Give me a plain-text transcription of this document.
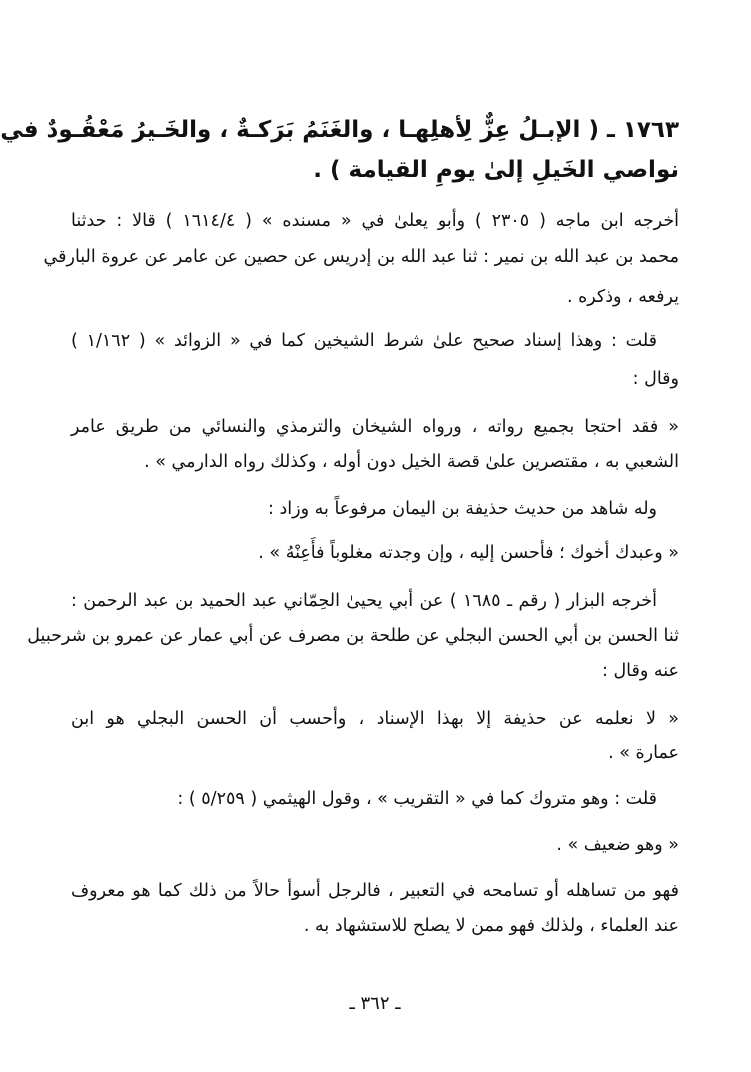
١٧٦٣ ـ ( الإبـلُ عِزٌّ لِأهلِهـا ، والغَنَمُ بَرَكـةٌ ، والخَـيرُ مَعْقُـودٌ في
نواصي الخَيلِ إلىٰ يومِ القيامة ) .
أخرجه ابن ماجه ( ٢٣٠٥ ) وأبو يعلىٰ في « مسنده » ( ١٦١٤/٤ ) قالا : حدثنا
محمد بن عبد الله بن نمير : ثنا عبد الله بن إدريس عن حصين عن عامر عن عروة البارقي
يرفعه ، وذكره .
قلت : وهذا إسناد صحيح علىٰ شرط الشيخين كما في « الزوائد » ( ١/١٦٢ )
وقال :
« فقد احتجا بجميع رواته ، ورواه الشيخان والترمذي والنسائي من طريق عامر
الشعبي به ، مقتصرين علىٰ قصة الخيل دون أوله ، وكذلك رواه الدارمي » .
وله شاهد من حديث حذيفة بن اليمان مرفوعاً به وزاد :
« وعبدك أخوك ؛ فأحسن إليه ، وإن وجدته مغلوباً فأَعِنْهُ » .
أخرجه البزار ( رقم ـ ١٦٨٥ ) عن أبي يحيىٰ الحِمّاني عبد الحميد بن عبد الرحمن :
ثنا الحسن بن أبي الحسن البجلي عن طلحة بن مصرف عن أبي عمار عن عمرو بن شرحبيل
عنه وقال :
« لا نعلمه عن حذيفة إلا بهذا الإسناد ، وأحسب أن الحسن البجلي هو ابن
عمارة » .
قلت : وهو متروك كما في « التقريب » ، وقول الهيثمي ( ٥/٢٥٩ ) :
« وهو ضعيف » .
فهو من تساهله أو تسامحه في التعبير ، فالرجل أسوأ حالاً من ذلك كما هو معروف
عند العلماء ، ولذلك فهو ممن لا يصلح للاستشهاد به .
ـ ٣٦٢ ـ
